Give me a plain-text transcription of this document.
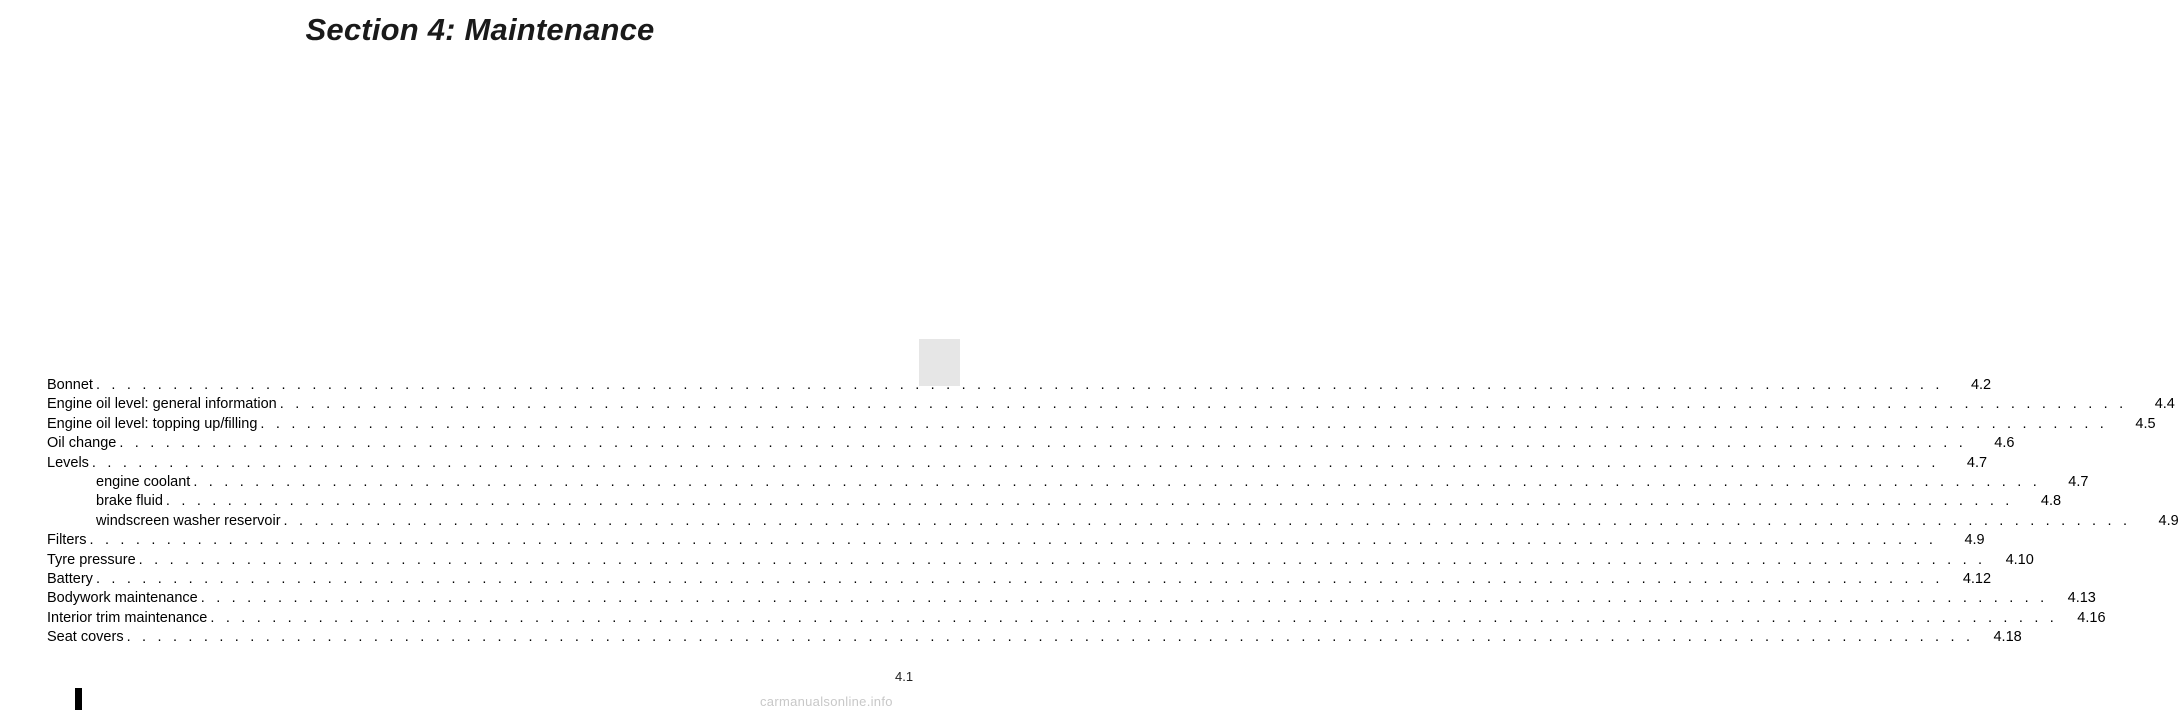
Section 4: Maintenance
Bonnet . . . . . . . . . . . . . . . . . . . . . . . . . . . . . . . . . . . . . . . . . . . . . . . . . . . . . . . . . . . . . . . . . . . . . . . . . . . . . . . . . . . . . . . . . . . . . . . . . . . . . . . . . . . . . . . . . . . . . . . .	4.2
Engine oil level: general information . . . . . . . . . . . . . . . . . . . . . . . . . . . . . . . . . . . . . . . . . . . . . . . . . . . . . . . . . . . . . . . . . . . . . . . . . . . . . . . . . . . . . . . . . . . . . . . . . . . . . . . . . . . . . . . . . . . . . . . .	4.4
Engine oil level: topping up/filling . . . . . . . . . . . . . . . . . . . . . . . . . . . . . . . . . . . . . . . . . . . . . . . . . . . . . . . . . . . . . . . . . . . . . . . . . . . . . . . . . . . . . . . . . . . . . . . . . . . . . . . . . . . . . . . . . . . . . . . .	4.5
Oil change . . . . . . . . . . . . . . . . . . . . . . . . . . . . . . . . . . . . . . . . . . . . . . . . . . . . . . . . . . . . . . . . . . . . . . . . . . . . . . . . . . . . . . . . . . . . . . . . . . . . . . . . . . . . . . . . . . . . . . . .	4.6
Levels . . . . . . . . . . . . . . . . . . . . . . . . . . . . . . . . . . . . . . . . . . . . . . . . . . . . . . . . . . . . . . . . . . . . . . . . . . . . . . . . . . . . . . . . . . . . . . . . . . . . . . . . . . . . . . . . . . . . . . . .	4.7
engine coolant . . . . . . . . . . . . . . . . . . . . . . . . . . . . . . . . . . . . . . . . . . . . . . . . . . . . . . . . . . . . . . . . . . . . . . . . . . . . . . . . . . . . . . . . . . . . . . . . . . . . . . . . . . . . . . . . . . . . . . . .	4.7
brake fluid . . . . . . . . . . . . . . . . . . . . . . . . . . . . . . . . . . . . . . . . . . . . . . . . . . . . . . . . . . . . . . . . . . . . . . . . . . . . . . . . . . . . . . . . . . . . . . . . . . . . . . . . . . . . . . . . . . . . . . . .	4.8
windscreen washer reservoir . . . . . . . . . . . . . . . . . . . . . . . . . . . . . . . . . . . . . . . . . . . . . . . . . . . . . . . . . . . . . . . . . . . . . . . . . . . . . . . . . . . . . . . . . . . . . . . . . . . . . . . . . . . . . . . . . . . . . . . .	4.9
Filters . . . . . . . . . . . . . . . . . . . . . . . . . . . . . . . . . . . . . . . . . . . . . . . . . . . . . . . . . . . . . . . . . . . . . . . . . . . . . . . . . . . . . . . . . . . . . . . . . . . . . . . . . . . . . . . . . . . . . . . .	4.9
Tyre pressure . . . . . . . . . . . . . . . . . . . . . . . . . . . . . . . . . . . . . . . . . . . . . . . . . . . . . . . . . . . . . . . . . . . . . . . . . . . . . . . . . . . . . . . . . . . . . . . . . . . . . . . . . . . . . . . . . . . . . . . .	4.10
Battery . . . . . . . . . . . . . . . . . . . . . . . . . . . . . . . . . . . . . . . . . . . . . . . . . . . . . . . . . . . . . . . . . . . . . . . . . . . . . . . . . . . . . . . . . . . . . . . . . . . . . . . . . . . . . . . . . . . . . . . .	4.12
Bodywork maintenance . . . . . . . . . . . . . . . . . . . . . . . . . . . . . . . . . . . . . . . . . . . . . . . . . . . . . . . . . . . . . . . . . . . . . . . . . . . . . . . . . . . . . . . . . . . . . . . . . . . . . . . . . . . . . . . . . . . . . . . .	4.13
Interior trim maintenance . . . . . . . . . . . . . . . . . . . . . . . . . . . . . . . . . . . . . . . . . . . . . . . . . . . . . . . . . . . . . . . . . . . . . . . . . . . . . . . . . . . . . . . . . . . . . . . . . . . . . . . . . . . . . . . . . . . . . . . .	4.16
Seat covers . . . . . . . . . . . . . . . . . . . . . . . . . . . . . . . . . . . . . . . . . . . . . . . . . . . . . . . . . . . . . . . . . . . . . . . . . . . . . . . . . . . . . . . . . . . . . . . . . . . . . . . . . . . . . . . . . . . . . . . .	4.18
4.1
carmanualsonline.info
